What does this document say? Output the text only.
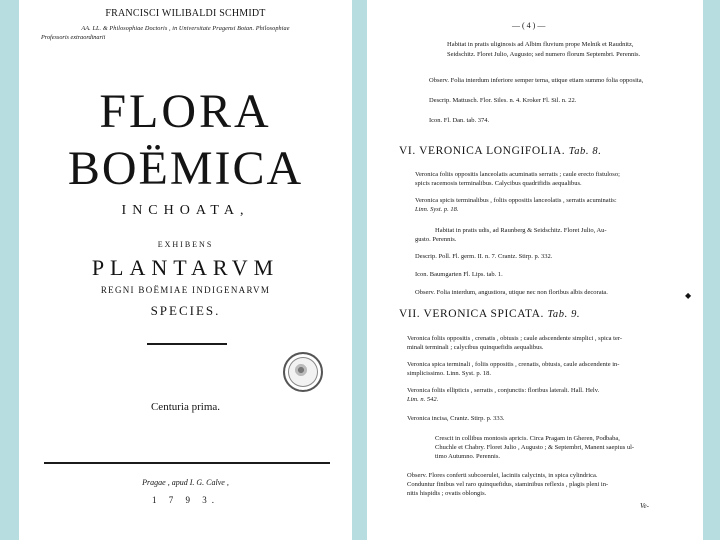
FRANCISCI WILIBALDI SCHMIDT
AA. LL. & Philosophiae Doctoris , in Universitate Pragensi Botan. Philosophiae
Professoris extraordinarii
FLORA
BOËMICA
INCHOATA,
EXHIBENS
PLANTARVM
REGNI BOËMIAE INDIGENARVM
SPECIES.
Centuria prima.
Pragae , apud I. G. Calve ,
1 7 9 3.
— ( 4 ) —
Habitat in pratis uliginosis ad Albim fluvium prope Melnik et Raudnitz,
Seidschitz. Floret Julio, Augusto; sed numero florum Septembri. Perennis.
Observ. Folia interdum inferiore semper terna, utique etiam summo folia opposita,
Descrip. Mattusch. Flor. Siles. n. 4. Kroker Fl. Sil. n. 22.
Icon. Fl. Dan. tab. 374.
VI. VERONICA LONGIFOLIA. Tab. 8.
Veronica foliis oppositis lanceolatis acuminatis serratis ; caule erecto fistuloso;
spicis racemosis terminalibus. Calycibus quadrifidis aequalibus.
Veronica spicis terminalibus , foliis oppositis lanceolatis , serratis acuminatis:
Linn. Syst. p. 18.
Habitat in pratis udis, ad Raunberg & Seidschitz. Floret Julio, Au-
gusto. Perennis.
Descrip. Poll. Fl. germ. II. n. 7. Crantz. Stirp. p. 332.
Icon. Baumgarten Fl. Lips. tab. 1.
Observ. Folia interdum, angustiora, utique nec non floribus albis decorata.
VII. VERONICA SPICATA. Tab. 9.
Veronica foliis oppositis , crenatis , obtusis ; caule adscendente simplici , spica ter-
minali terminali ; calycibus quinquefidis aequalibus.
Veronica spica terminali , foliis oppositis , crenatis, obtusis, caule adscendente in-
simplicissimo. Linn. Syst. p. 18.
Veronica foliis ellipticis , serratis , conjunctis: floribus laterali. Hall. Helv.
Lim. n. 542.
Veronica incisa, Crantz. Stirp. p. 333.
Crescit in collibus montosis apricis. Circa Pragam in Gheren, Podbaba,
Chuchle et Chabry. Floret Julio , Augusto ; & Septembri, Manent saepius ul-
timo Autumno. Perennis.
Observ. Flores conferti subcoerulei, laciniis calycinis, in spica cylindrica.
Conduntur finibus vel raro quinquefidus, staminibus reflexis , plagis pleni in-
nitis hispidis ; ovatis oblongis.
Ve-
◆
